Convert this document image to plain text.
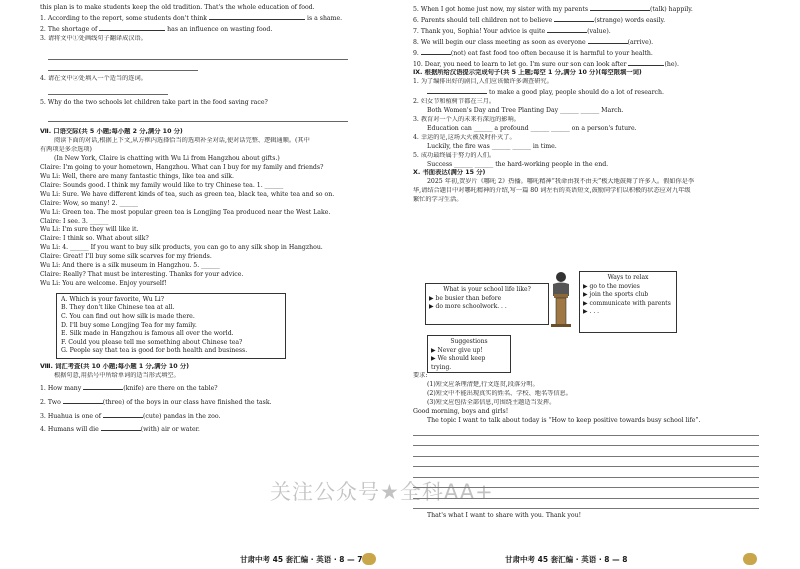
this plan is to make students keep the old tradition. That's the whole education of food.
1. According to the report, some students don't think	is a shame.
2. The shortage of	has an influence on wasting food.
3. 请将文中①处画线句子翻译成汉语。
4. 请在文中②处填入一个适当的连词。
5. Why do the two schools let children take part in the food saving race?
Ⅶ. 口语交际(共 5 小题;每小题 2 分,满分 10 分)
阅读下面的对话,根据上下文,从方框内选择恰当的选项补全对话,使对话完整、逻辑通顺。(其中
有两项是多余选项)
(In New York, Claire is chatting with Wu Li from Hangzhou about gifts.)
Claire: I'm going to your hometown, Hangzhou. What can I buy for my family and friends?
Wu Li: Well, there are many fantastic things, like tea and silk.
Claire: Sounds good. I think my family would like to try Chinese tea. 1. ______
Wu Li: Sure. We have different kinds of tea, such as green tea, black tea, white tea and so on.
Claire: Wow, so many! 2. ______
Wu Li: Green tea. The most popular green tea is Longjing Tea produced near the West Lake.
Claire: I see. 3. ______
Wu Li: I'm sure they will like it.
Claire: I think so. What about silk?
Wu Li: 4. ______ If you want to buy silk products, you can go to any silk shop in Hangzhou.
Claire: Great! I'll buy some silk scarves for my friends.
Wu Li: And there is a silk museum in Hangzhou. 5. ______
Claire: Really? That must be interesting. Thanks for your advice.
Wu Li: You are welcome. Enjoy yourself!
A. Which is your favorite, Wu Li?
B. They don't like Chinese tea at all.
C. You can find out how silk is made there.
D. I'll buy some Longjing Tea for my family.
E. Silk made in Hangzhou is famous all over the world.
F. Could you please tell me something about Chinese tea?
G. People say that tea is good for both health and business.
Ⅷ. 词汇考查(共 10 小题;每小题 1 分,满分 10 分)
根据句意,用括号中所给单词的适当形式填空。
1. How many	(knife) are there on the table?
2. Two	(three) of the boys in our class have finished the task.
3. Huahua is one of	(cute) pandas in the zoo.
4. Humans will die	(with) air or water.
甘肃中考 45 套汇编 · 英语 · 8 — 7
5. When I got home just now, my sister with my parents	(talk) happily.
6. Parents should tell children not to believe	(strange) words easily.
7. Thank you, Sophia! Your advice is quite	(value).
8. We will begin our class meeting as soon as everyone	(arrive).
9.	(not) eat fast food too often because it is harmful to your health.
10. Dear, you need to learn to let go. I'm sure our son can look after	(he).
Ⅸ. 根据所给汉语提示完成句子(共 5 上题;每空 1 分,满分 10 分)(每空限填一词)
1. 为了编排出好的剧目,人们应该做许多调查研究。
to make a good play, people should do a lot of research.
2. 妇女节和植树节都在三月。
Both Women's Day and Tree Planting Day ______ ______ March.
3. 教育对一个人的未来有深远的影响。
Education can ______ a profound ______ ______ on a person's future.
4. 幸运的是,这场大火被及时扑灭了。
Luckily, the fire was ______ ______ in time.
5. 成功最终属于努力的人们。
Success ______ ______ the hard-working people in the end.
Ⅹ. 书面表达(满分 15 分)
2025 年初,贺岁片《哪吒 2》热播。哪吒精神“我命由我不由天”极大地鼓舞了许多人。假如你是李
华,请结合题目中对哪吒精神的介绍,写一篇 80 词左右的英语短文,鼓励同学们以积极的状态应对九年级
繁忙的学习生活。
What is your school life like?
▶ be busier than before
▶ do more schoolwork. . .
Ways to relax
▶ go to the movies
▶ join the sports club
▶ communicate with parents
▶ . . .
Suggestions
▶ Never give up!
▶ We should keep trying.
要求:
(1)短文应条理清楚,行文连贯,段落分明。
(2)短文中不能出现真实的姓名、学校、地名等信息。
(3)短文应包括全部信息,可围绕主题适当发挥。
Good morning, boys and girls!
The topic I want to talk about today is “How to keep positive towards busy school life”.
That's what I want to share with you. Thank you!
甘肃中考 45 套汇编 · 英语 · 8 — 8
关注公众号★全科AA+
